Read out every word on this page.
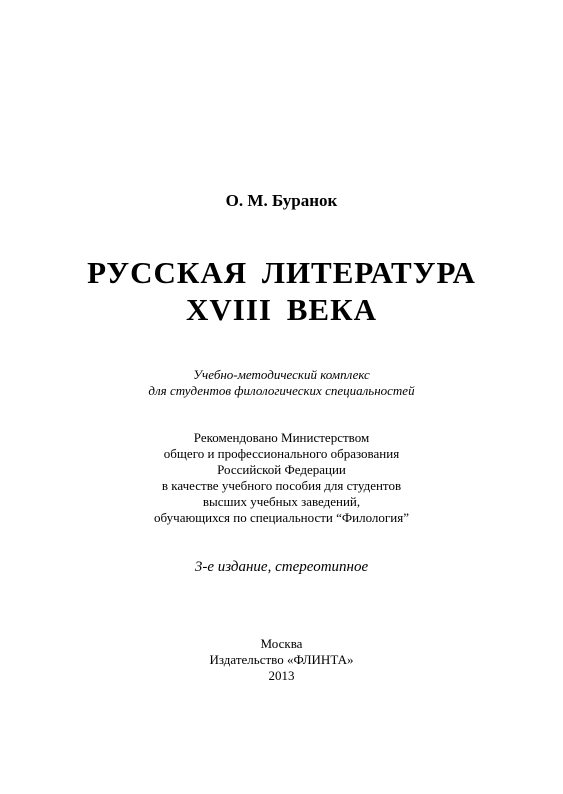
О. М. Буранок
РУССКАЯ ЛИТЕРАТУРА
XVIII ВЕКА
Учебно-методический комплекс
для студентов филологических специальностей
Рекомендовано Министерством
общего и профессионального образования
Российской Федерации
в качестве учебного пособия для студентов
высших учебных заведений,
обучающихся по специальности “Филология”
3-е издание, стереотипное
Москва
Издательство «ФЛИНТА»
2013
